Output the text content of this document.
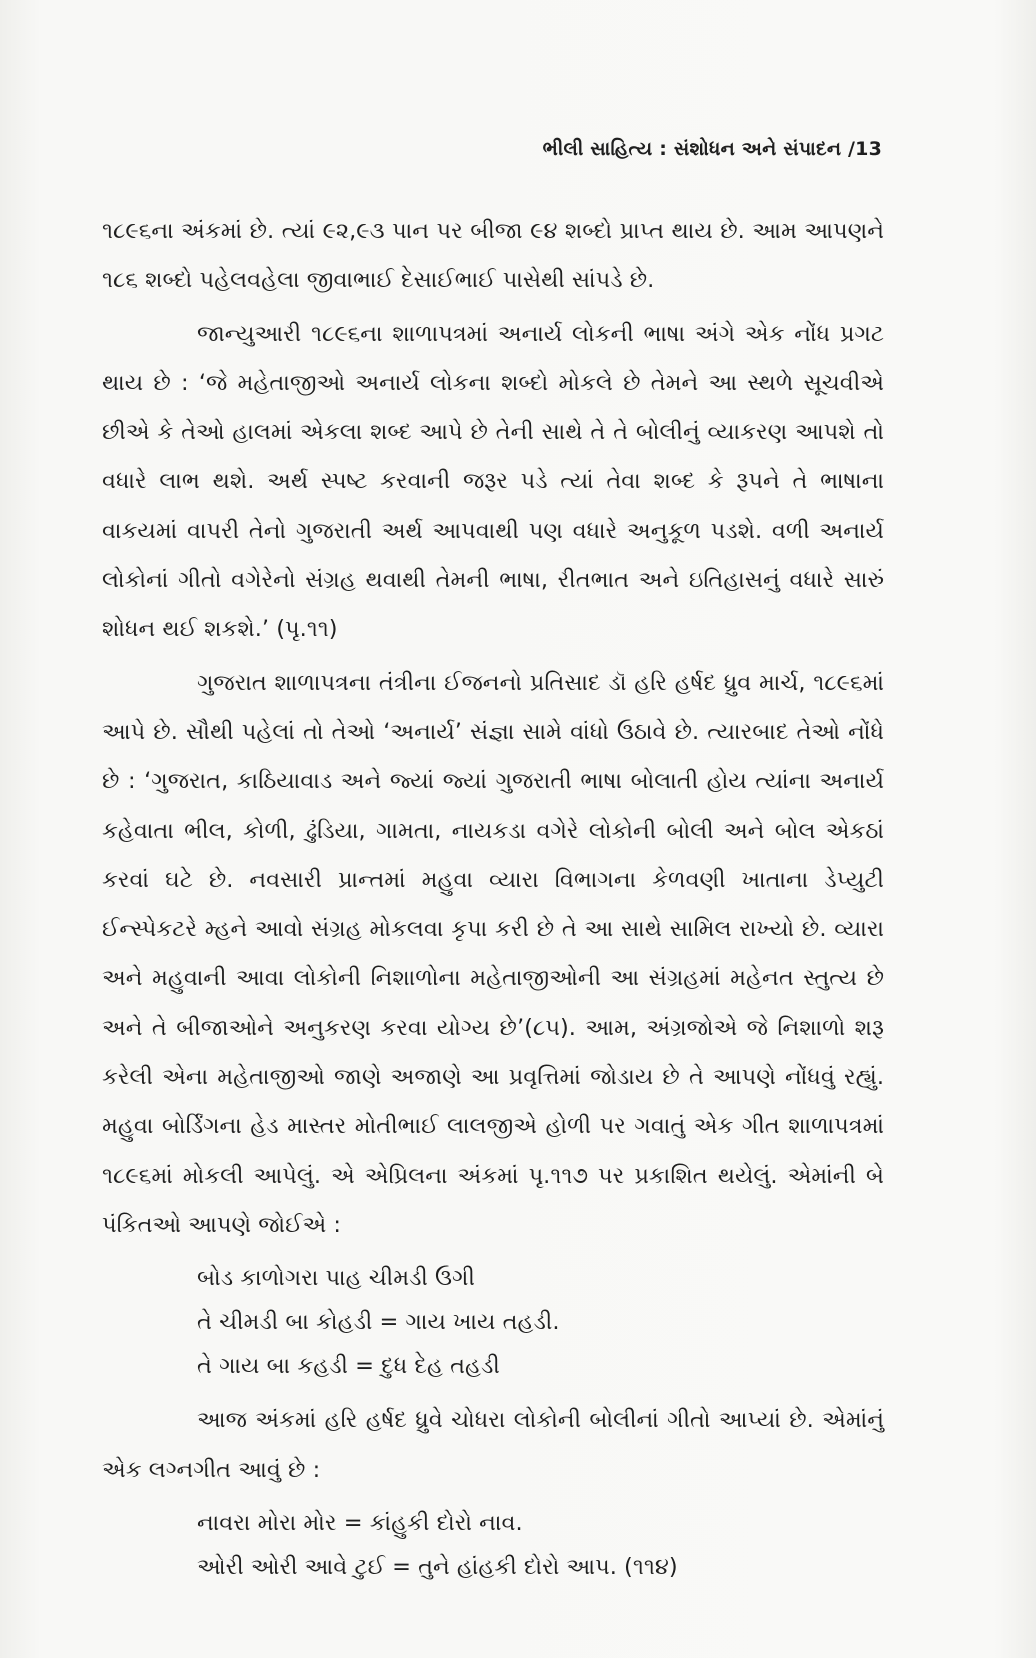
ભીલી સાહિત્ય : સંશોધન અને સંપાદન /13

૧૮૯૬ના અંકમાં છે. ત્યાં ૯૨,૯૩ પાન પર બીજા ૯૪ શબ્દો પ્રાપ્ત થાય છે. આમ આપણને ૧૮૬ શબ્દો પહેલવહેલા જીવાભાઈ દેસાઈભાઈ પાસેથી સાંપડે છે.

જાન્યુઆરી ૧૮૯૬ના શાળાપત્રમાં અનાર્ય લોકની ભાષા અંગે એક નોંધ પ્રગટ થાય છે : ‘જે મહેતાજીઓ અનાર્ય લોકના શબ્દો મોકલે છે તેમને આ સ્થળે સૂચવીએ છીએ કે તેઓ હાલમાં એકલા શબ્દ આપે છે તેની સાથે તે તે બોલીનું વ્યાકરણ આપશે તો વધારે લાભ થશે. અર્થ સ્પષ્ટ કરવાની જરૂર પડે ત્યાં તેવા શબ્દ કે રૂપને તે ભાષાના વાકયમાં વાપરી તેનો ગુજરાતી અર્થ આપવાથી પણ વધારે અનુકૂળ પડશે. વળી અનાર્ય લોકોનાં ગીતો વગેરેનો સંગ્રહ થવાથી તેમની ભાષા, રીતભાત અને ઇતિહાસનું વધારે સારું શોધન થઈ શકશે.’ (પૃ.૧૧)

ગુજરાત શાળાપત્રના તંત્રીના ઈજનનો પ્રતિસાદ ડૉ હરિ હર્ષદ ધ્રુવ માર્ચ, ૧૮૯૬માં આપે છે. સૌથી પહેલાં તો તેઓ ‘અનાર્ય’ સંજ્ઞા સામે વાંધો ઉઠાવે છે. ત્યારબાદ તેઓ નોંધે છે : ‘ગુજરાત, કાઠિયાવાડ અને જ્યાં જ્યાં ગુજરાતી ભાષા બોલાતી હોય ત્યાંના અનાર્ય કહેવાતા ભીલ, કોળી, ઢુંડિયા, ગામતા, નાયકડા વગેરે લોકોની બોલી અને બોલ એકઠાં કરવાં ઘટે છે. નવસારી પ્રાન્તમાં મહુવા વ્યારા વિભાગના કેળવણી ખાતાના ડેપ્યુટી ઈન્સ્પેકટરે મ્હને આવો સંગ્રહ મોકલવા કૃપા કરી છે તે આ સાથે સામિલ રાખ્યો છે. વ્યારા અને મહુવાની આવા લોકોની નિશાળોના મહેતાજીઓની આ સંગ્રહમાં મહેનત સ્તુત્ય છે અને તે બીજાઓને અનુકરણ કરવા યોગ્ય છે’(૮૫). આમ, અંગ્રજોએ જે નિશાળો શરૂ કરેલી એના મહેતાજીઓ જાણે અજાણે આ પ્રવૃત્તિમાં જોડાય છે તે આપણે નોંધવું રહ્યું. મહુવા બોર્ડિંગના હેડ માસ્તર મોતીભાઈ લાલજીએ હોળી પર ગવાતું એક ગીત શાળાપત્રમાં ૧૮૯૬માં મોકલી આપેલું. એ એપ્રિલના અંકમાં પૃ.૧૧૭ પર પ્રકાશિત થયેલું. એમાંની બે પંકિતઓ આપણે જોઈએ :

બોડ કાળોગરા પાહ ચીમડી ઉગી
તે ચીમડી બા કોહડી = ગાય ખાય તહડી.
તે ગાય બા કહડી = દુધ દેહ તહડી

આજ અંકમાં હરિ હર્ષદ ધ્રુવે ચોધરા લોકોની બોલીનાં ગીતો આપ્યાં છે. એમાંનું એક લગ્નગીત આવું છે :

નાવરા મોરા મોર = કાંહુકી દોરો નાવ.
ઓરી ઓરી આવે ટુઈ = તુને હાંહકી દોરો આપ. (૧૧૪)
